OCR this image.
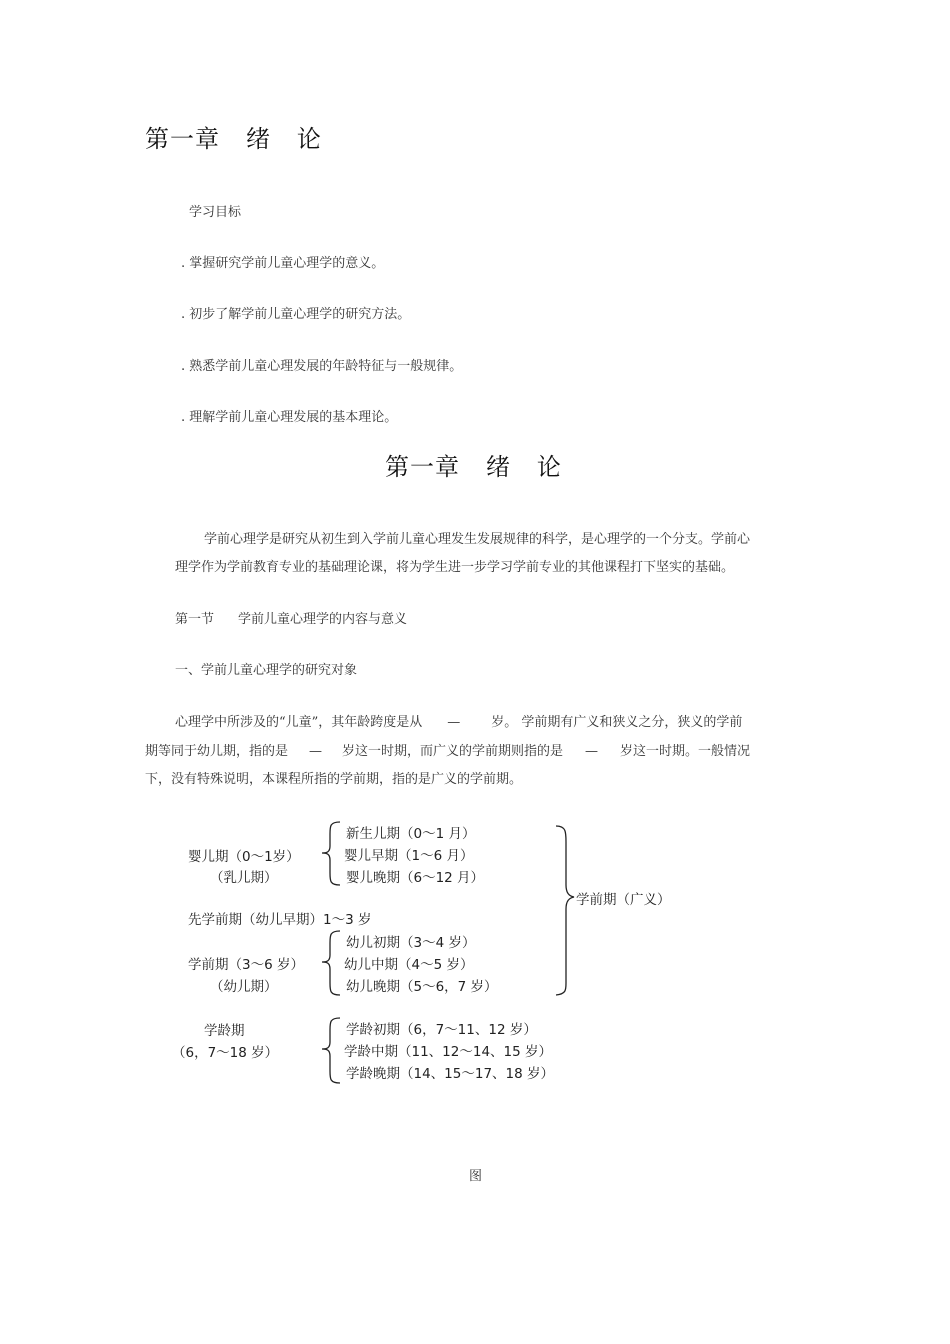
第一章 绪   论
学习目标
. 掌握研究学前儿童心理学的意义。
. 初步了解学前儿童心理学的研究方法。
. 熟悉学前儿童心理发展的年龄特征与一般规律。
. 理解学前儿童心理发展的基本理论。
第一章 绪   论
学前心理学是研究从初生到入学前儿童心理发生发展规律的科学，是心理学的一个分支。学前心
理学作为学前教育专业的基础理论课，将为学生进一步学习学前专业的其他课程打下坚实的基础。
第一节 学前儿童心理学的内容与意义
一、学前儿童心理学的研究对象
心理学中所涉及的“儿童”，其年龄跨度是从 — 岁。 学前期有广义和狭义之分，狭义的学前
期等同于幼儿期，指的是 — 岁这一时期，而广义的学前期则指的是 — 岁这一时期。一般情况
下，没有特殊说明，本课程所指的学前期，指的是广义的学前期。
婴儿期（0～1岁）
（乳儿期）
新生儿期（0～1 月）
婴儿早期（1～6 月）
婴儿晚期（6～12 月）
先学前期（幼儿早期）1～3 岁
学前期（3～6 岁）
（幼儿期）
幼儿初期（3～4 岁）
幼儿中期（4～5 岁）
幼儿晚期（5～6，7 岁）
学前期（广义）
学龄期
（6，7～18 岁）
学龄初期（6，7～11、12 岁）
学龄中期（11、12～14、15 岁）
学龄晚期（14、15～17、18 岁）
图
